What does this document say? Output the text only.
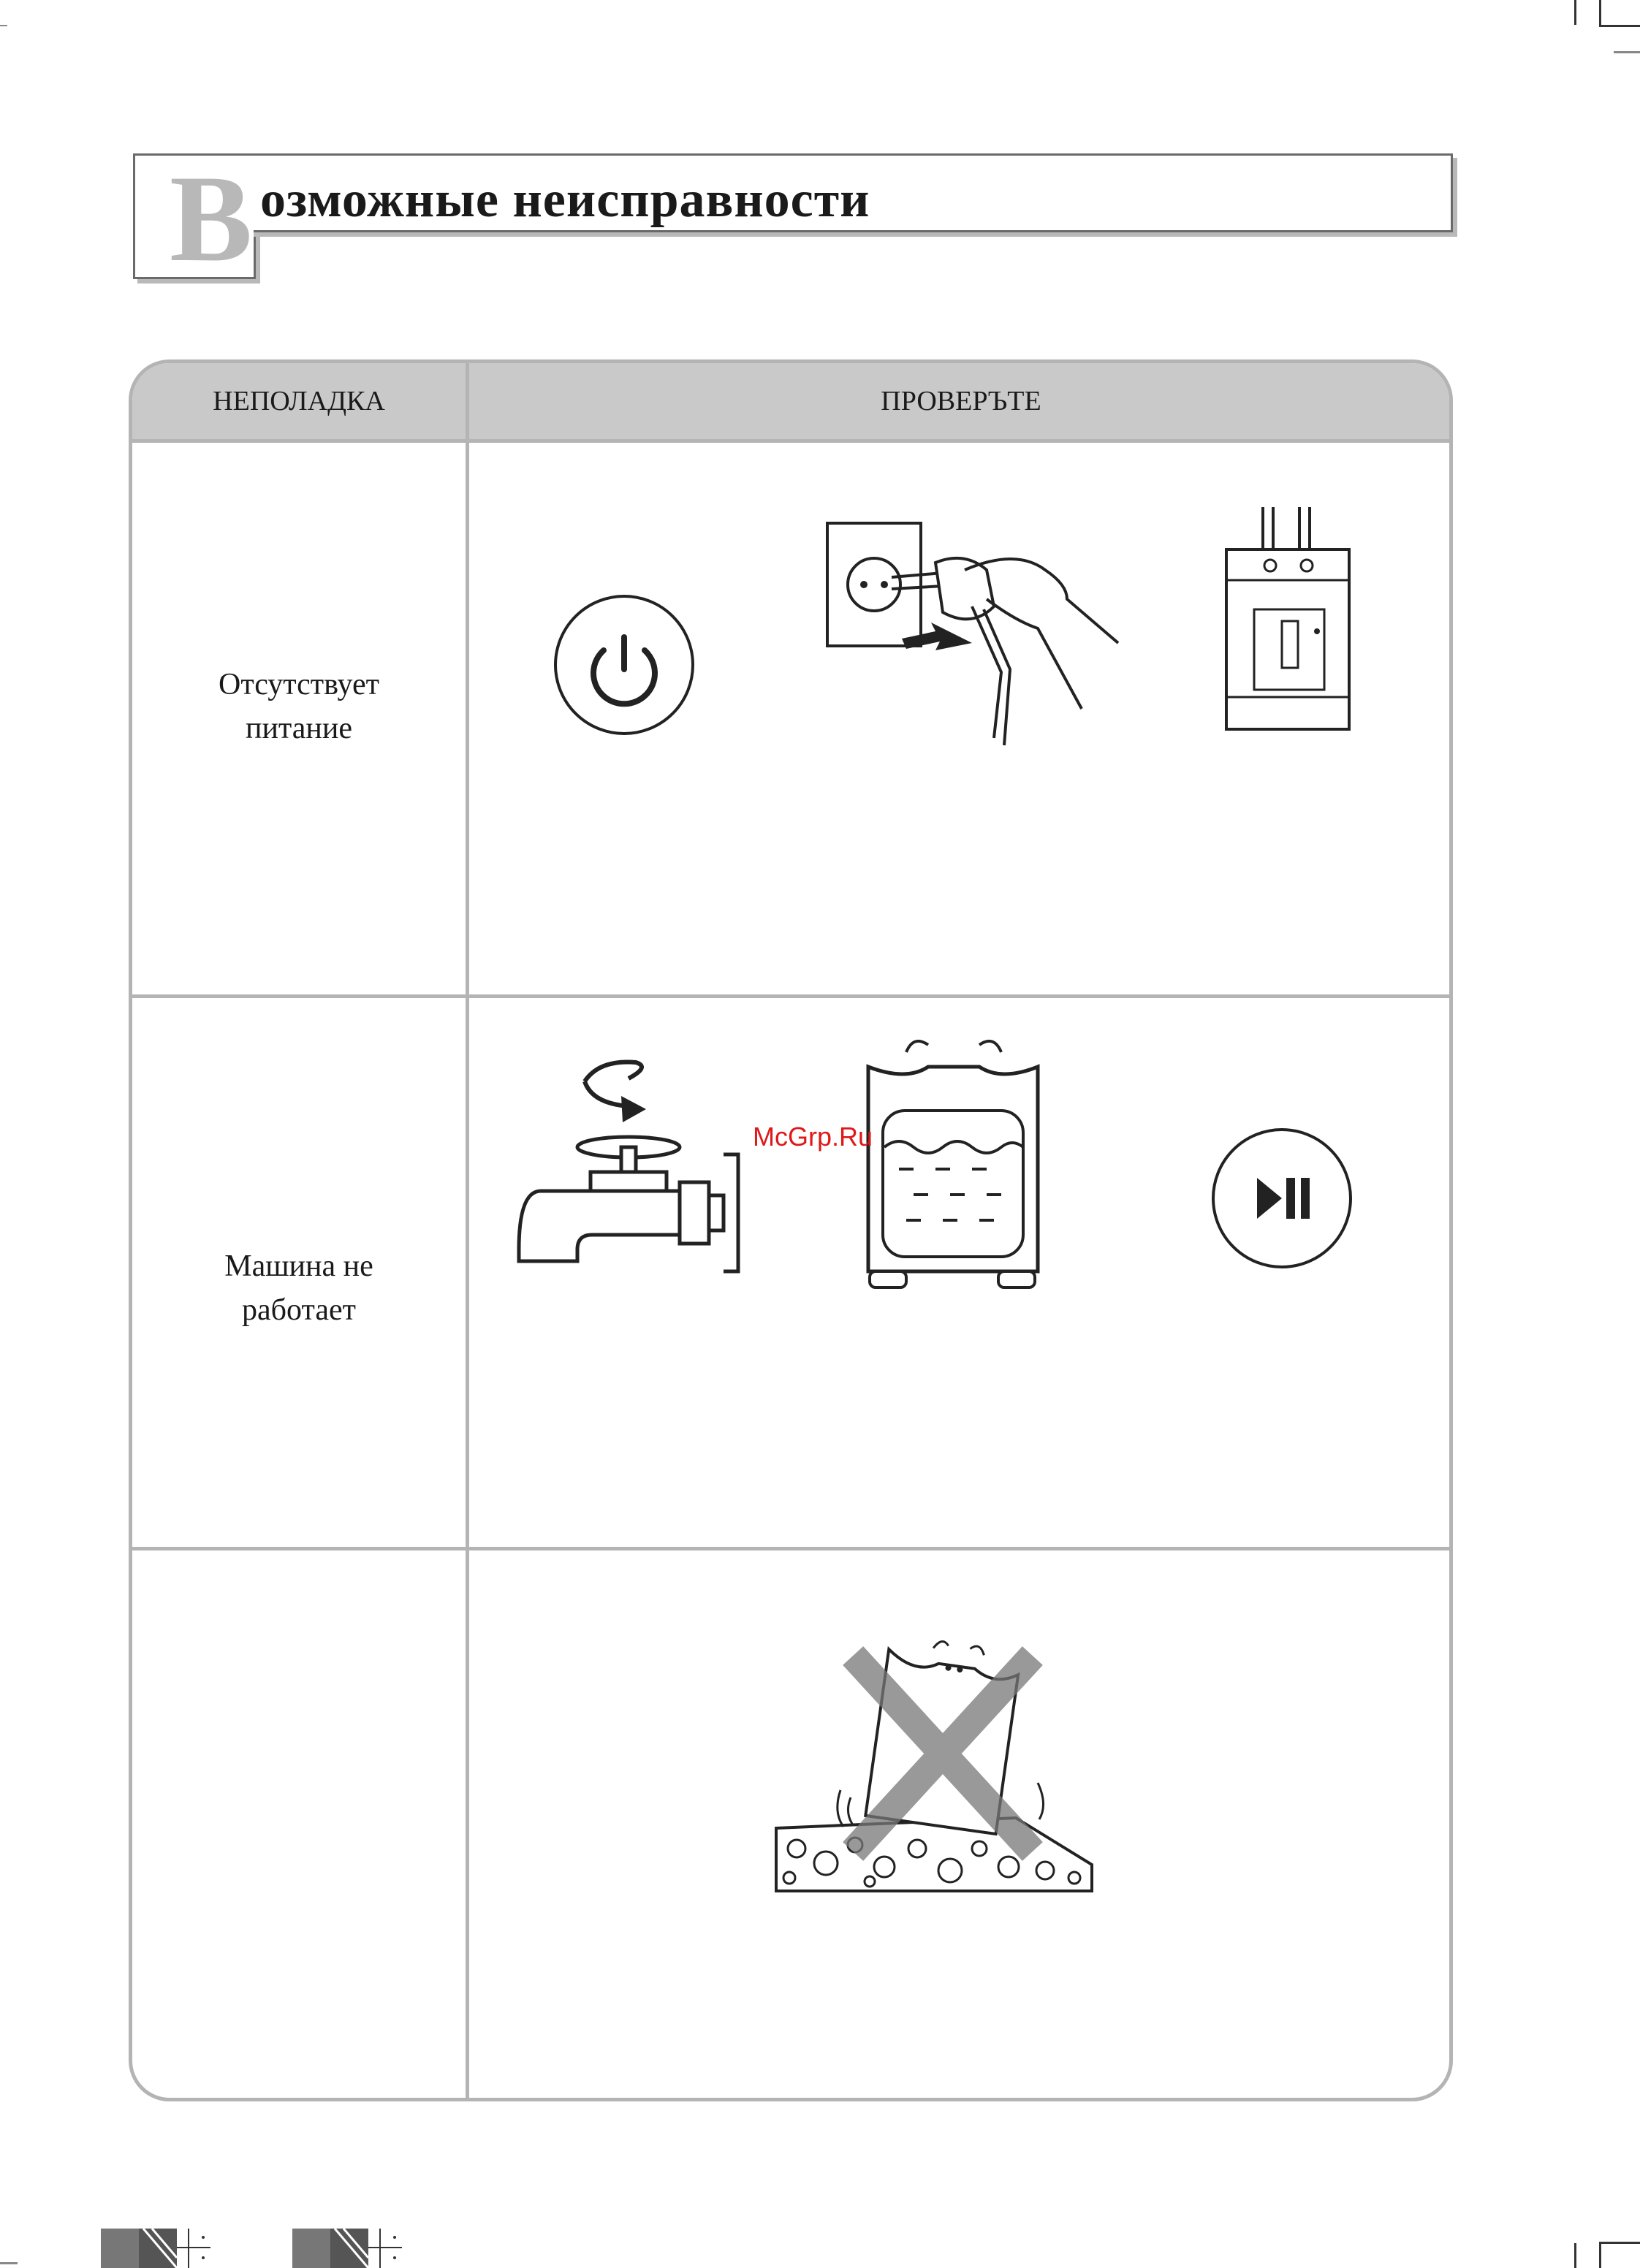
В озможные неисправности
НЕПОЛАДКА	ПРОВЕРЪТЕ
Отсутствует
питание
Машина не
работает
McGrp.Ru
